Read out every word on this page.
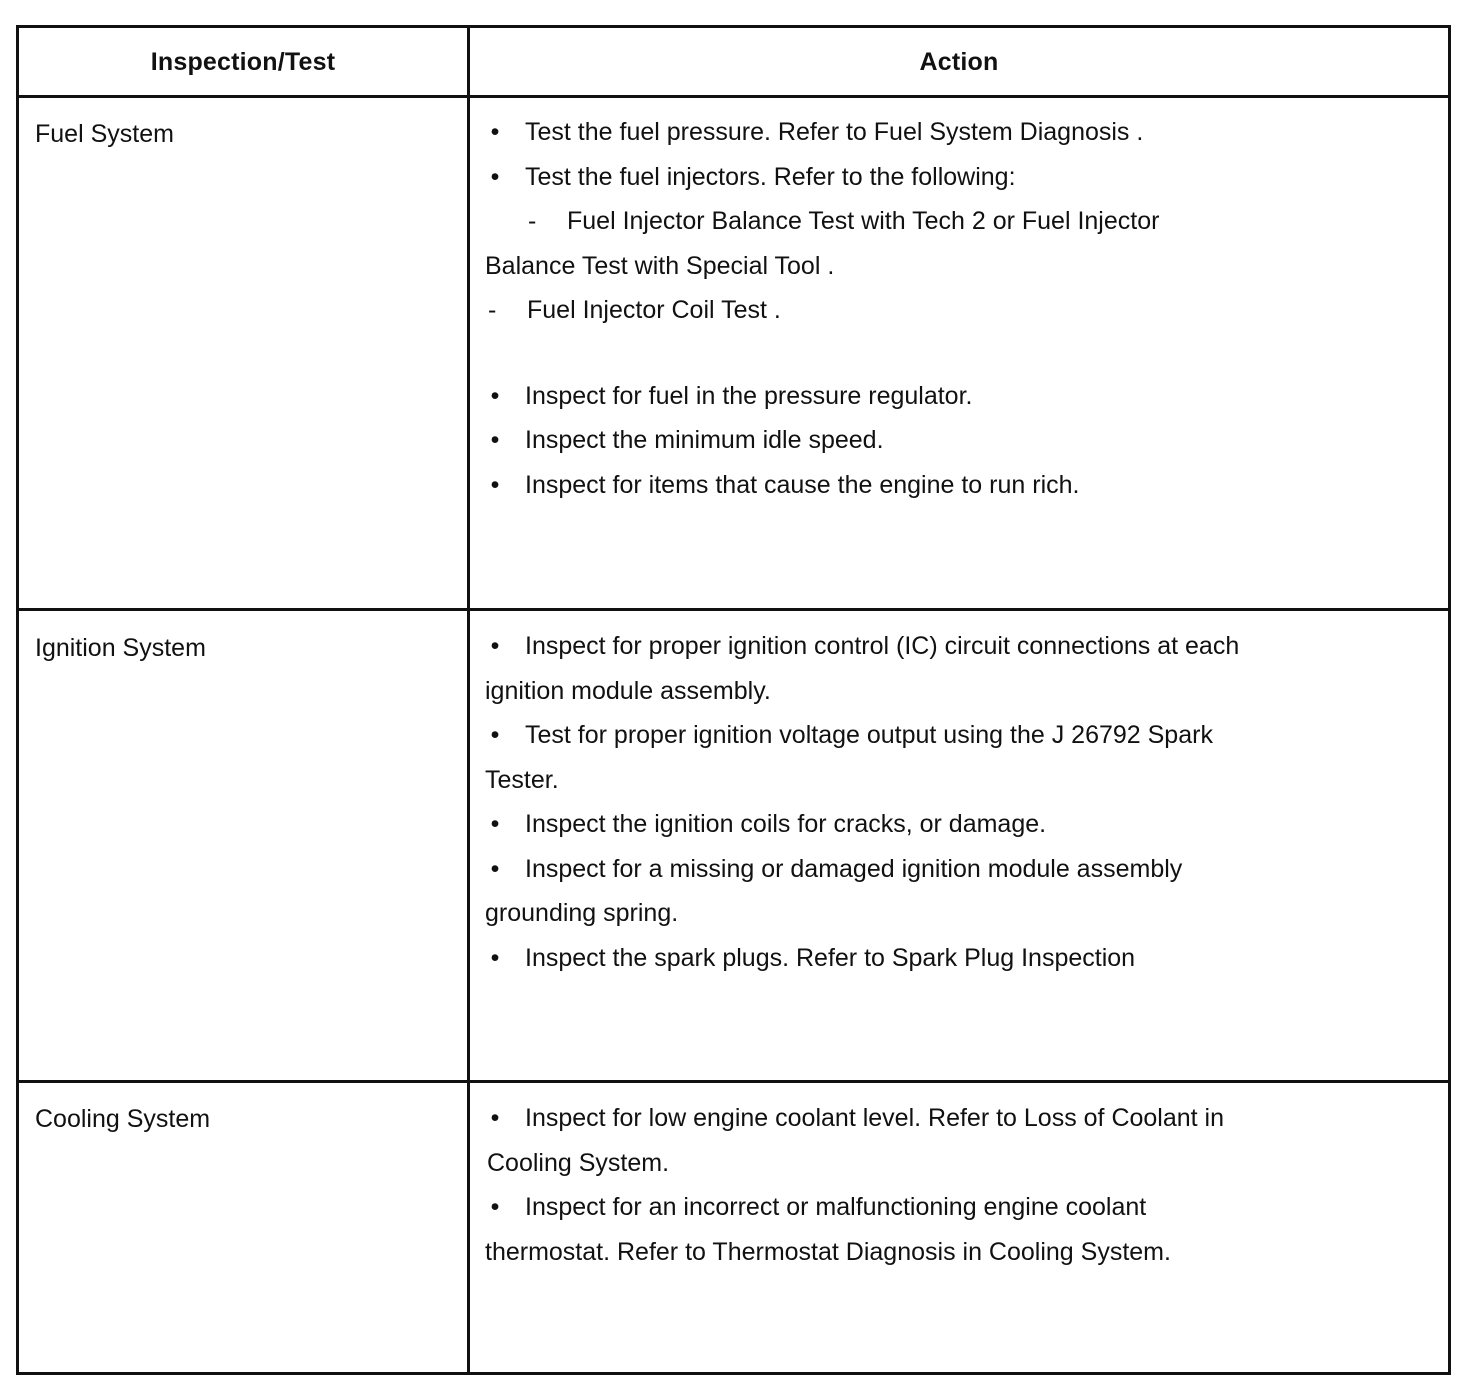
Inspection/Test	Action
Fuel System	• Test the fuel pressure. Refer to Fuel System Diagnosis .
• Test the fuel injectors. Refer to the following:
- Fuel Injector Balance Test with Tech 2 or Fuel Injector
Balance Test with Special Tool .
- Fuel Injector Coil Test .
• Inspect for fuel in the pressure regulator.
• Inspect the minimum idle speed.
• Inspect for items that cause the engine to run rich.
Ignition System	• Inspect for proper ignition control (IC) circuit connections at each
ignition module assembly.
• Test for proper ignition voltage output using the J 26792 Spark
Tester.
• Inspect the ignition coils for cracks, or damage.
• Inspect for a missing or damaged ignition module assembly
grounding spring.
• Inspect the spark plugs. Refer to Spark Plug Inspection
Cooling System	• Inspect for low engine coolant level. Refer to Loss of Coolant in
Cooling System.
• Inspect for an incorrect or malfunctioning engine coolant
thermostat. Refer to Thermostat Diagnosis in Cooling System.
